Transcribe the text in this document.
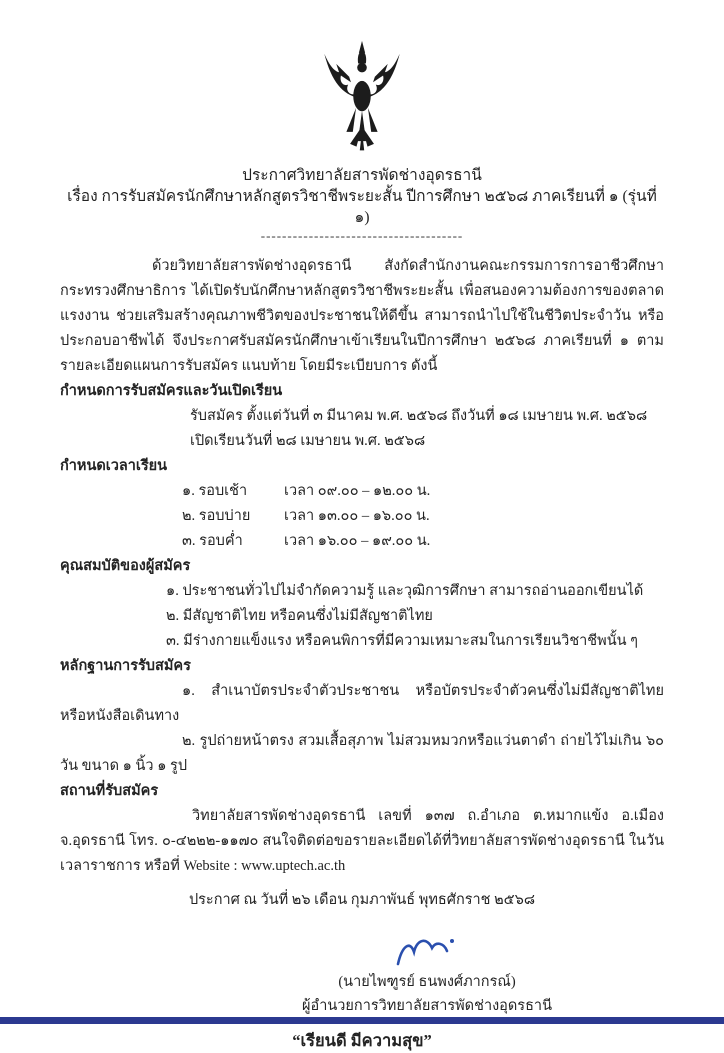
ประกาศวิทยาลัยสารพัดช่างอุดรธานี
เรื่อง การรับสมัครนักศึกษาหลักสูตรวิชาชีพระยะสั้น ปีการศึกษา ๒๕๖๘ ภาคเรียนที่ ๑ (รุ่นที่ ๑)
--------------------------------------

ด้วยวิทยาลัยสารพัดช่างอุดรธานี สังกัดสำนักงานคณะกรรมการการอาชีวศึกษา กระทรวงศึกษาธิการ ได้เปิดรับนักศึกษาหลักสูตรวิชาชีพระยะสั้น เพื่อสนองความต้องการของตลาดแรงงาน ช่วยเสริมสร้างคุณภาพชีวิตของประชาชนให้ดีขึ้น สามารถนำไปใช้ในชีวิตประจำวัน หรือประกอบอาชีพได้ จึงประกาศรับสมัครนักศึกษาเข้าเรียนในปีการศึกษา ๒๕๖๘ ภาคเรียนที่ ๑ ตามรายละเอียดแผนการรับสมัคร แนบท้าย โดยมีระเบียบการ ดังนี้

กำหนดการรับสมัครและวันเปิดเรียน

รับสมัคร ตั้งแต่วันที่ ๓ มีนาคม พ.ศ. ๒๕๖๘ ถึงวันที่ ๑๘ เมษายน พ.ศ. ๒๕๖๘

เปิดเรียนวันที่ ๒๘ เมษายน พ.ศ. ๒๕๖๘

กำหนดเวลาเรียน

๑. รอบเช้า	เวลา ๐๙.๐๐ – ๑๒.๐๐ น.
๒. รอบบ่าย	เวลา ๑๓.๐๐ – ๑๖.๐๐ น.
๓. รอบค่ำ	เวลา ๑๖.๐๐ – ๑๙.๐๐ น.

คุณสมบัติของผู้สมัคร

๑. ประชาชนทั่วไปไม่จำกัดความรู้ และวุฒิการศึกษา สามารถอ่านออกเขียนได้

๒. มีสัญชาติไทย หรือคนซึ่งไม่มีสัญชาติไทย

๓. มีร่างกายแข็งแรง หรือคนพิการที่มีความเหมาะสมในการเรียนวิชาชีพนั้น ๆ

หลักฐานการรับสมัคร

๑. สำเนาบัตรประจำตัวประชาชน หรือบัตรประจำตัวคนซึ่งไม่มีสัญชาติไทย หรือหนังสือเดินทาง

๒. รูปถ่ายหน้าตรง สวมเสื้อสุภาพ ไม่สวมหมวกหรือแว่นตาดำ ถ่ายไว้ไม่เกิน ๖๐ วัน ขนาด ๑ นิ้ว ๑ รูป

สถานที่รับสมัคร

วิทยาลัยสารพัดช่างอุดรธานี เลขที่ ๑๓๗ ถ.อำเภอ ต.หมากแข้ง อ.เมือง จ.อุดรธานี โทร. ๐-๔๒๒๒-๑๑๗๐ สนใจติดต่อขอรายละเอียดได้ที่วิทยาลัยสารพัดช่างอุดรธานี ในวันเวลาราชการ หรือที่ Website : www.uptech.ac.th

ประกาศ ณ วันที่ ๒๖ เดือน กุมภาพันธ์ พุทธศักราช ๒๕๖๘

(นายไพฑูรย์ ธนพงศ์ภากรณ์)
ผู้อำนวยการวิทยาลัยสารพัดช่างอุดรธานี
“เรียนดี มีความสุข”
